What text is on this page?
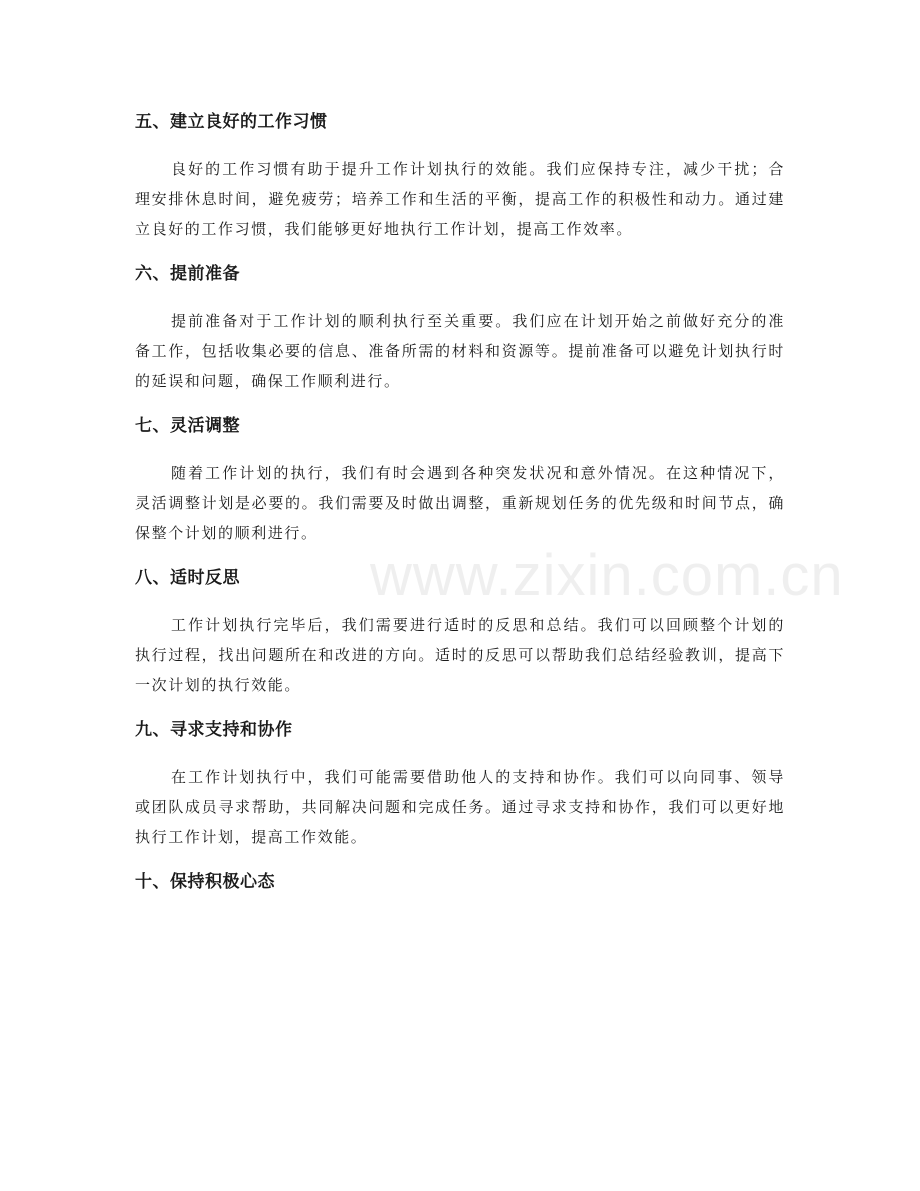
五、建立良好的工作习惯

良好的工作习惯有助于提升工作计划执行的效能。我们应保持专注，减少干扰；合理安排休息时间，避免疲劳；培养工作和生活的平衡，提高工作的积极性和动力。通过建立良好的工作习惯，我们能够更好地执行工作计划，提高工作效率。

六、提前准备

提前准备对于工作计划的顺利执行至关重要。我们应在计划开始之前做好充分的准备工作，包括收集必要的信息、准备所需的材料和资源等。提前准备可以避免计划执行时的延误和问题，确保工作顺利进行。

七、灵活调整

随着工作计划的执行，我们有时会遇到各种突发状况和意外情况。在这种情况下，灵活调整计划是必要的。我们需要及时做出调整，重新规划任务的优先级和时间节点，确保整个计划的顺利进行。

八、适时反思

工作计划执行完毕后，我们需要进行适时的反思和总结。我们可以回顾整个计划的执行过程，找出问题所在和改进的方向。适时的反思可以帮助我们总结经验教训，提高下一次计划的执行效能。

九、寻求支持和协作

在工作计划执行中，我们可能需要借助他人的支持和协作。我们可以向同事、领导或团队成员寻求帮助，共同解决问题和完成任务。通过寻求支持和协作，我们可以更好地执行工作计划，提高工作效能。

十、保持积极心态
www.zixin.com.cn
